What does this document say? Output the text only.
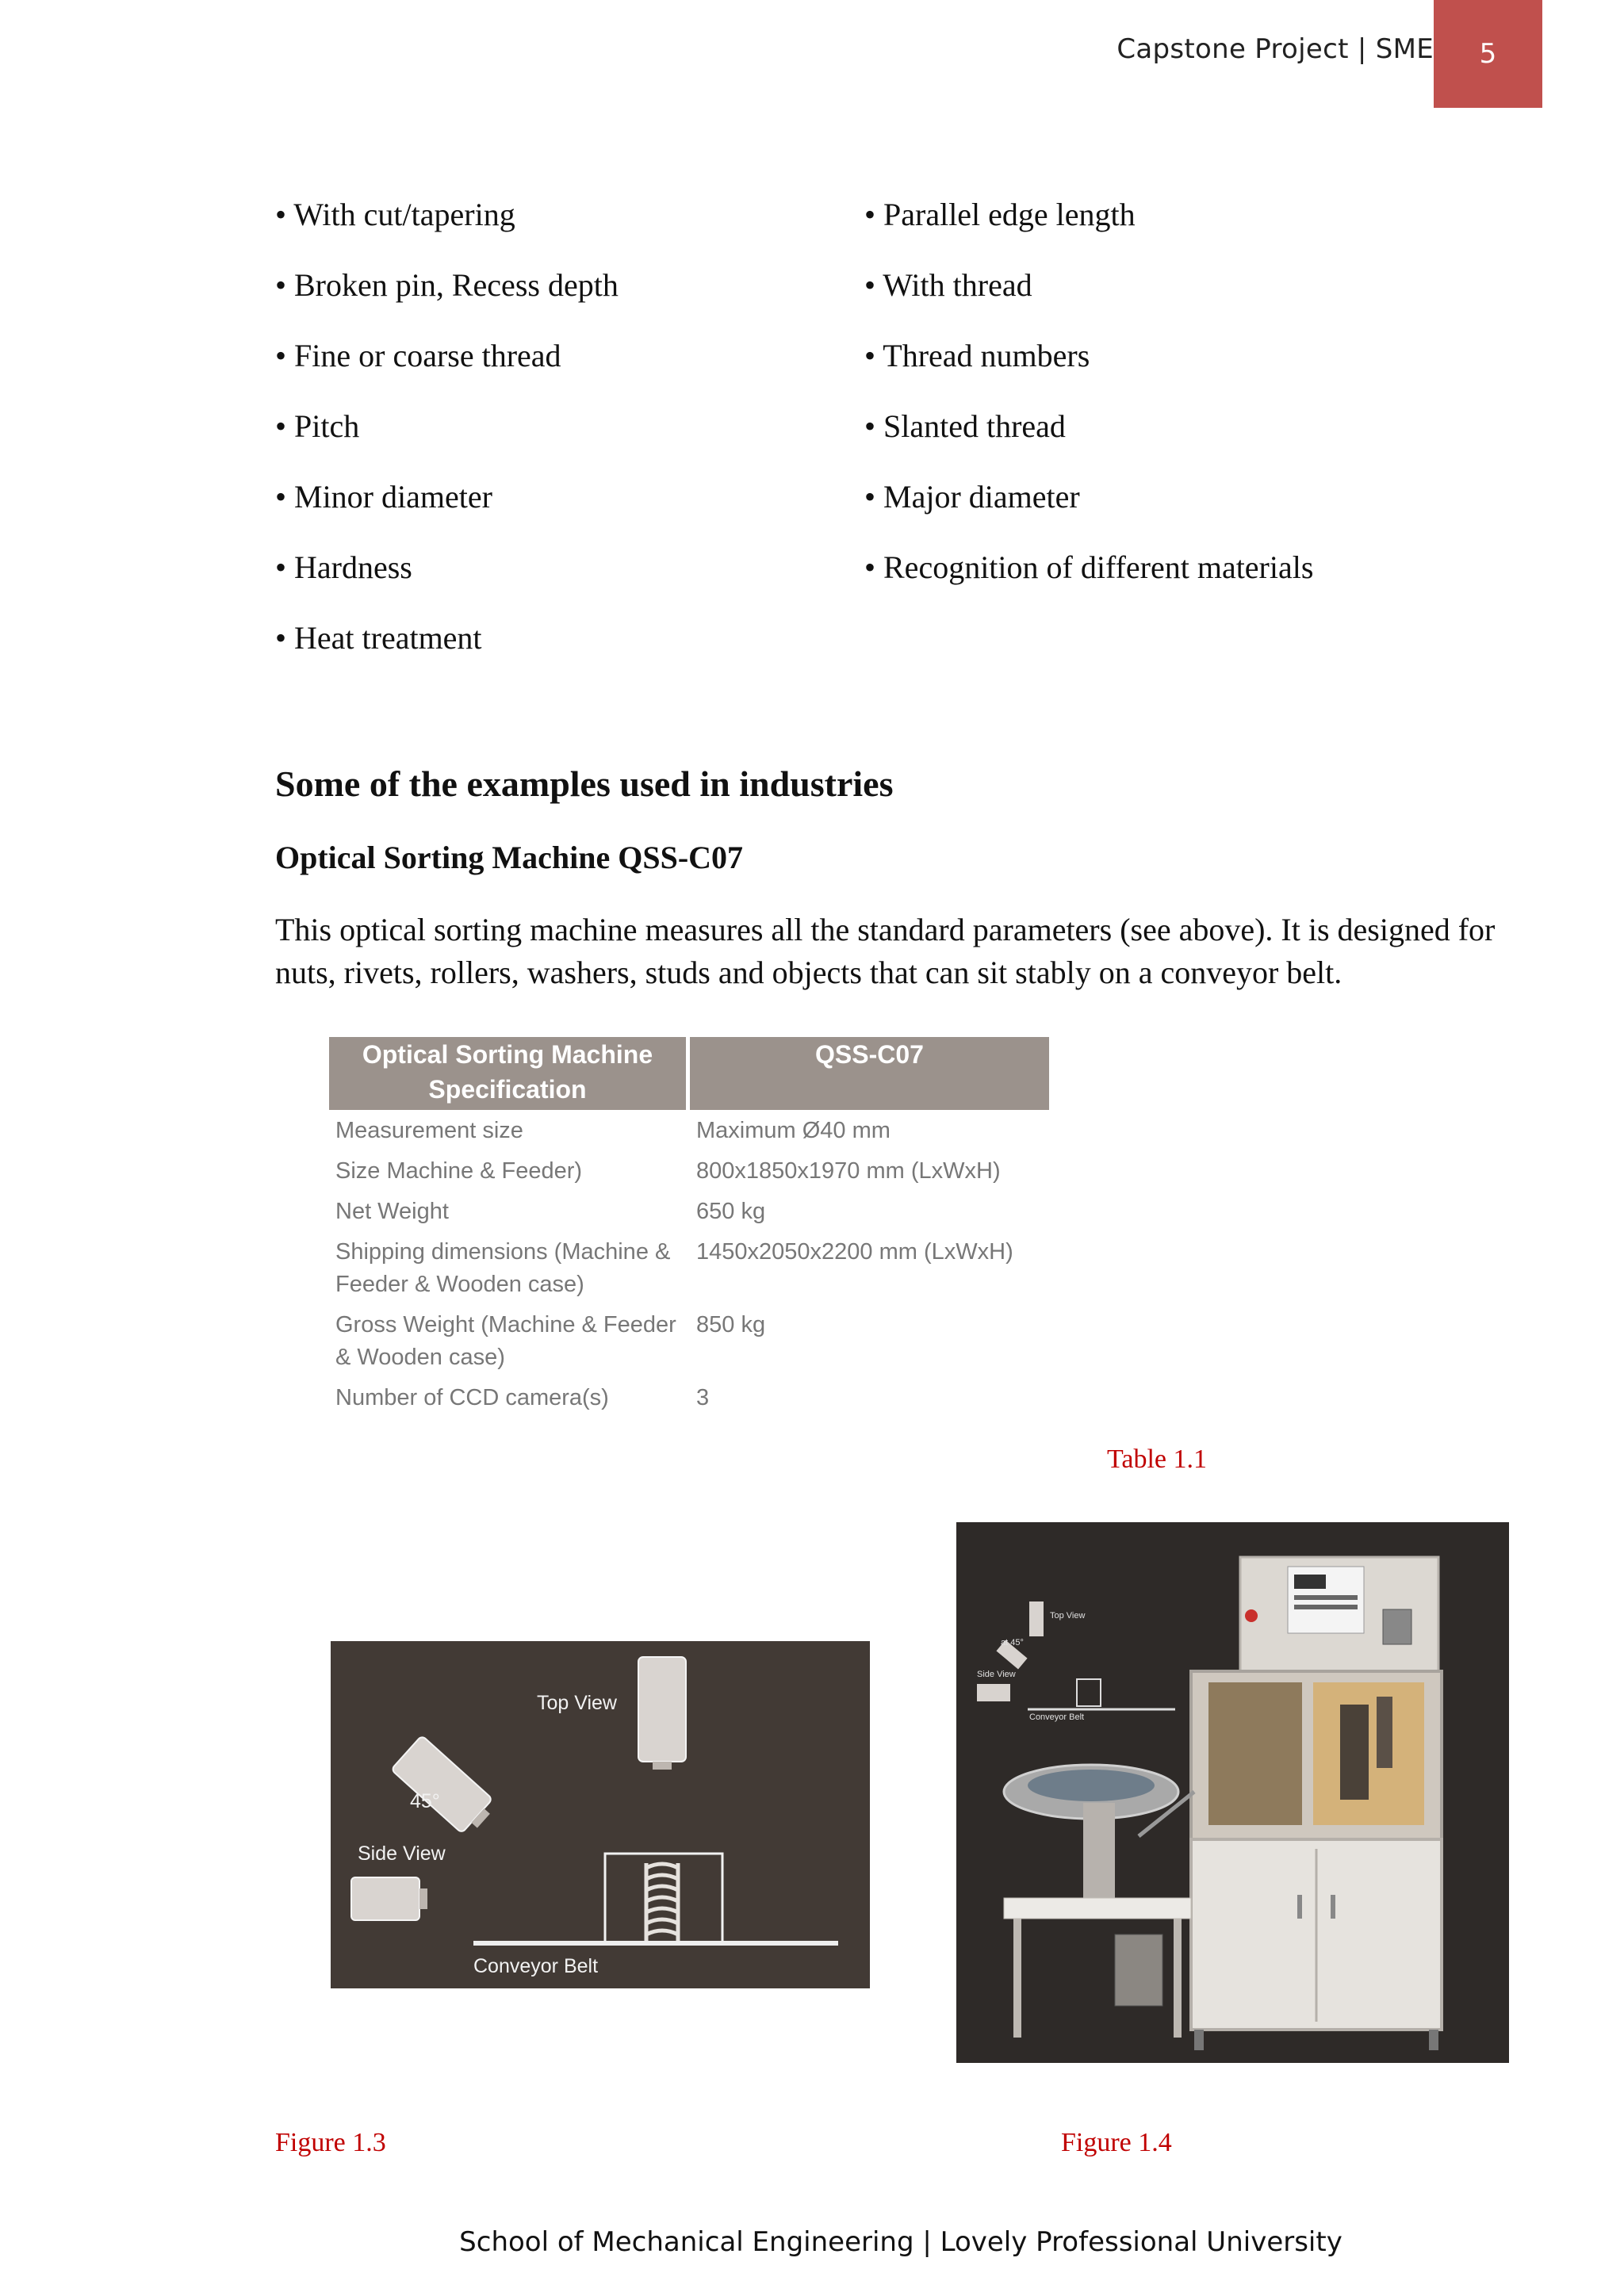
Capstone Project | SME 5
• With cut/tapering
• Broken pin, Recess depth
• Fine or coarse thread
• Pitch
• Minor diameter
• Hardness
• Heat treatment
• Parallel edge length
• With thread
• Thread numbers
• Slanted thread
• Major diameter
• Recognition of different materials
Some of the examples used in industries
Optical Sorting Machine QSS-C07
This optical sorting machine measures all the standard parameters (see above). It is designed for nuts, rivets, rollers, washers, studs and objects that can sit stably on a conveyor belt.
Optical Sorting Machine Specification	QSS-C07
Measurement size	Maximum Ø40 mm
Size Machine & Feeder)	800x1850x1970 mm (LxWxH)
Net Weight	650 kg
Shipping dimensions (Machine & Feeder & Wooden case)	1450x2050x2200 mm (LxWxH)
Gross Weight (Machine & Feeder & Wooden case)	850 kg
Number of CCD camera(s)	3
Table 1.1
Top View
45°
Side View
Conveyor Belt
Figure 1.3
Top View
at 45°
Side View
Conveyor Belt
Figure 1.4
School of Mechanical Engineering | Lovely Professional University
